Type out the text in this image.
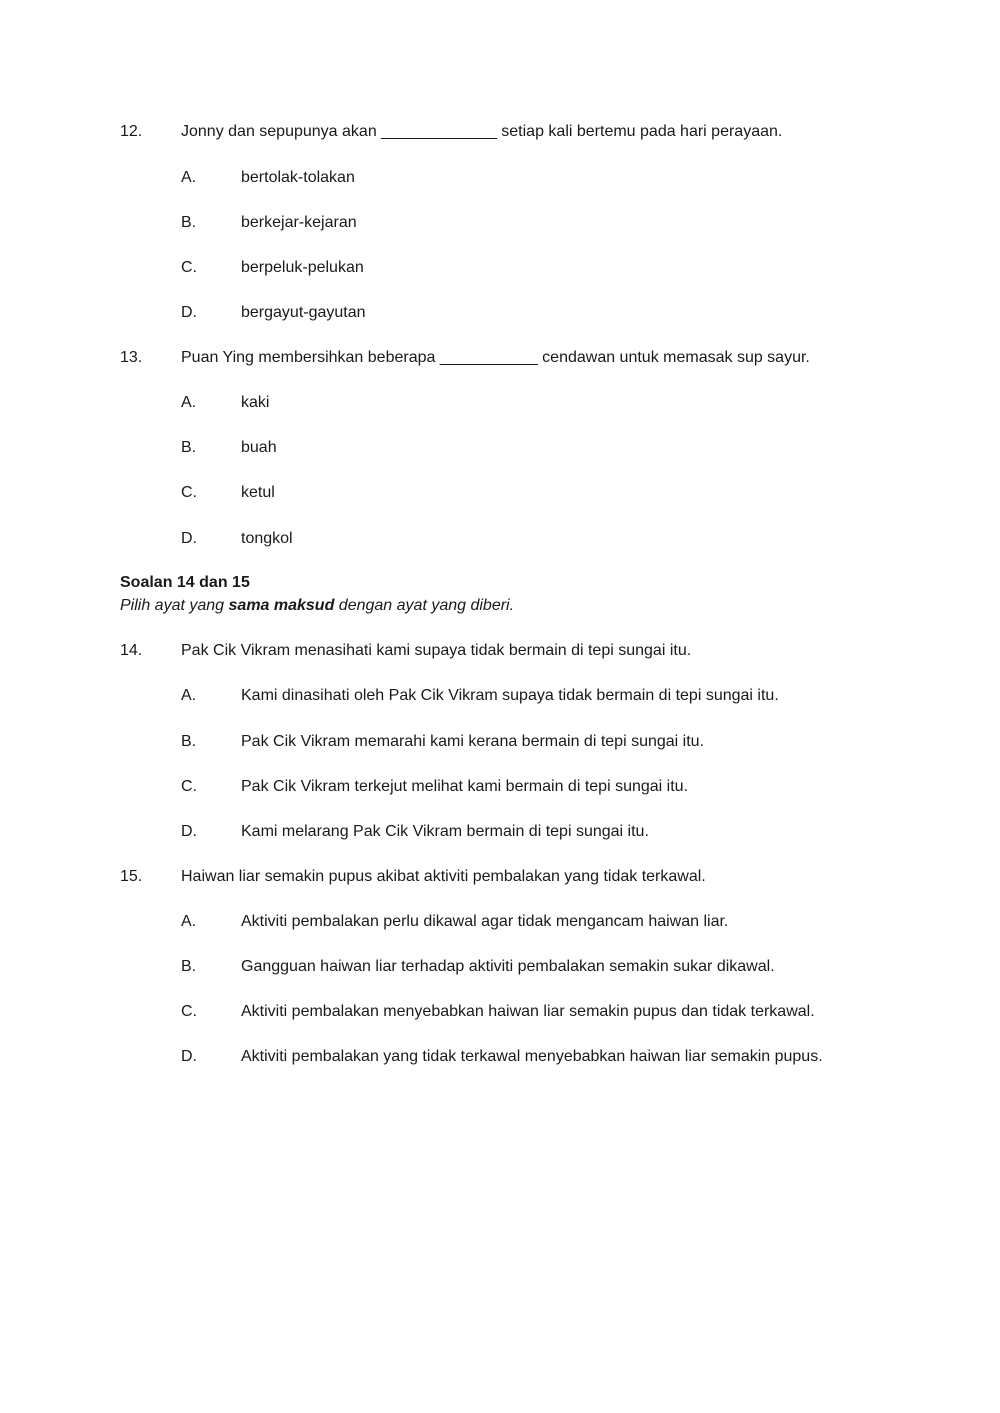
12. Jonny dan sepupunya akan _____________ setiap kali bertemu pada hari perayaan.
A.	bertolak-tolakan
B.	berkejar-kejaran
C.	berpeluk-pelukan
D.	bergayut-gayutan
13. Puan Ying membersihkan beberapa ___________ cendawan untuk memasak sup sayur.
A.	kaki
B.	buah
C.	ketul
D.	tongkol
Soalan 14 dan 15
Pilih ayat yang sama maksud dengan ayat yang diberi.
14. Pak Cik Vikram menasihati kami supaya tidak bermain di tepi sungai itu.
A.	Kami dinasihati oleh Pak Cik Vikram supaya tidak bermain di tepi sungai itu.
B.	Pak Cik Vikram memarahi kami kerana bermain di tepi sungai itu.
C.	Pak Cik Vikram terkejut melihat kami bermain di tepi sungai itu.
D.	Kami melarang Pak Cik Vikram bermain di tepi sungai itu.
15. Haiwan liar semakin pupus akibat aktiviti pembalakan yang tidak terkawal.
A.	Aktiviti pembalakan perlu dikawal agar tidak mengancam haiwan liar.
B.	Gangguan haiwan liar terhadap aktiviti pembalakan semakin sukar dikawal.
C.	Aktiviti pembalakan menyebabkan haiwan liar semakin pupus dan tidak terkawal.
D.	Aktiviti pembalakan yang tidak terkawal menyebabkan haiwan liar semakin pupus.
